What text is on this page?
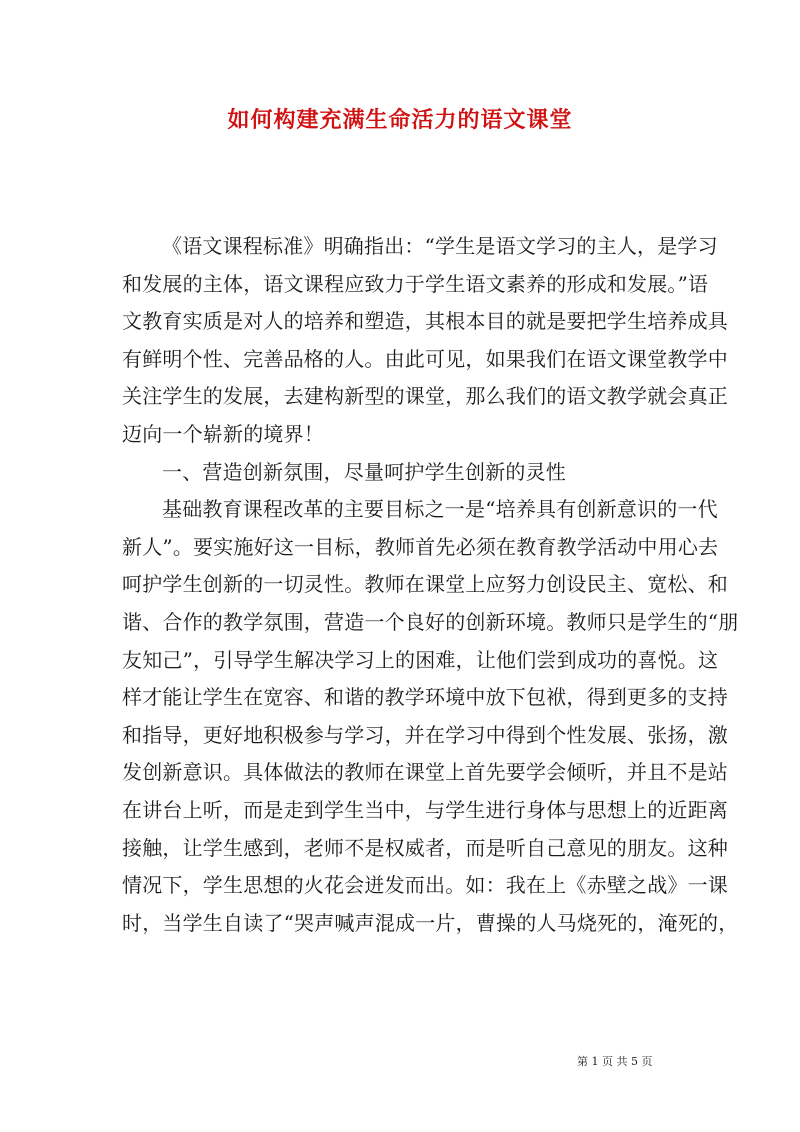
如何构建充满生命活力的语文课堂
《语文课程标准》明确指出：“学生是语文学习的主人，是学习
和发展的主体，语文课程应致力于学生语文素养的形成和发展。”语
文教育实质是对人的培养和塑造，其根本目的就是要把学生培养成具
有鲜明个性、完善品格的人。由此可见，如果我们在语文课堂教学中
关注学生的发展，去建构新型的课堂，那么我们的语文教学就会真正
迈向一个崭新的境界！
一、营造创新氛围，尽量呵护学生创新的灵性
基础教育课程改革的主要目标之一是“培养具有创新意识的一代
新人”。要实施好这一目标，教师首先必须在教育教学活动中用心去
呵护学生创新的一切灵性。教师在课堂上应努力创设民主、宽松、和
谐、合作的教学氛围，营造一个良好的创新环境。教师只是学生的“朋
友知己”，引导学生解决学习上的困难，让他们尝到成功的喜悦。这
样才能让学生在宽容、和谐的教学环境中放下包袱，得到更多的支持
和指导，更好地积极参与学习，并在学习中得到个性发展、张扬，激
发创新意识。具体做法的教师在课堂上首先要学会倾听，并且不是站
在讲台上听，而是走到学生当中，与学生进行身体与思想上的近距离
接触，让学生感到，老师不是权威者，而是听自己意见的朋友。这种
情况下，学生思想的火花会迸发而出。如：我在上《赤壁之战》一课
时，当学生自读了“哭声喊声混成一片，曹操的人马烧死的，淹死的，
第 1 页 共 5 页
